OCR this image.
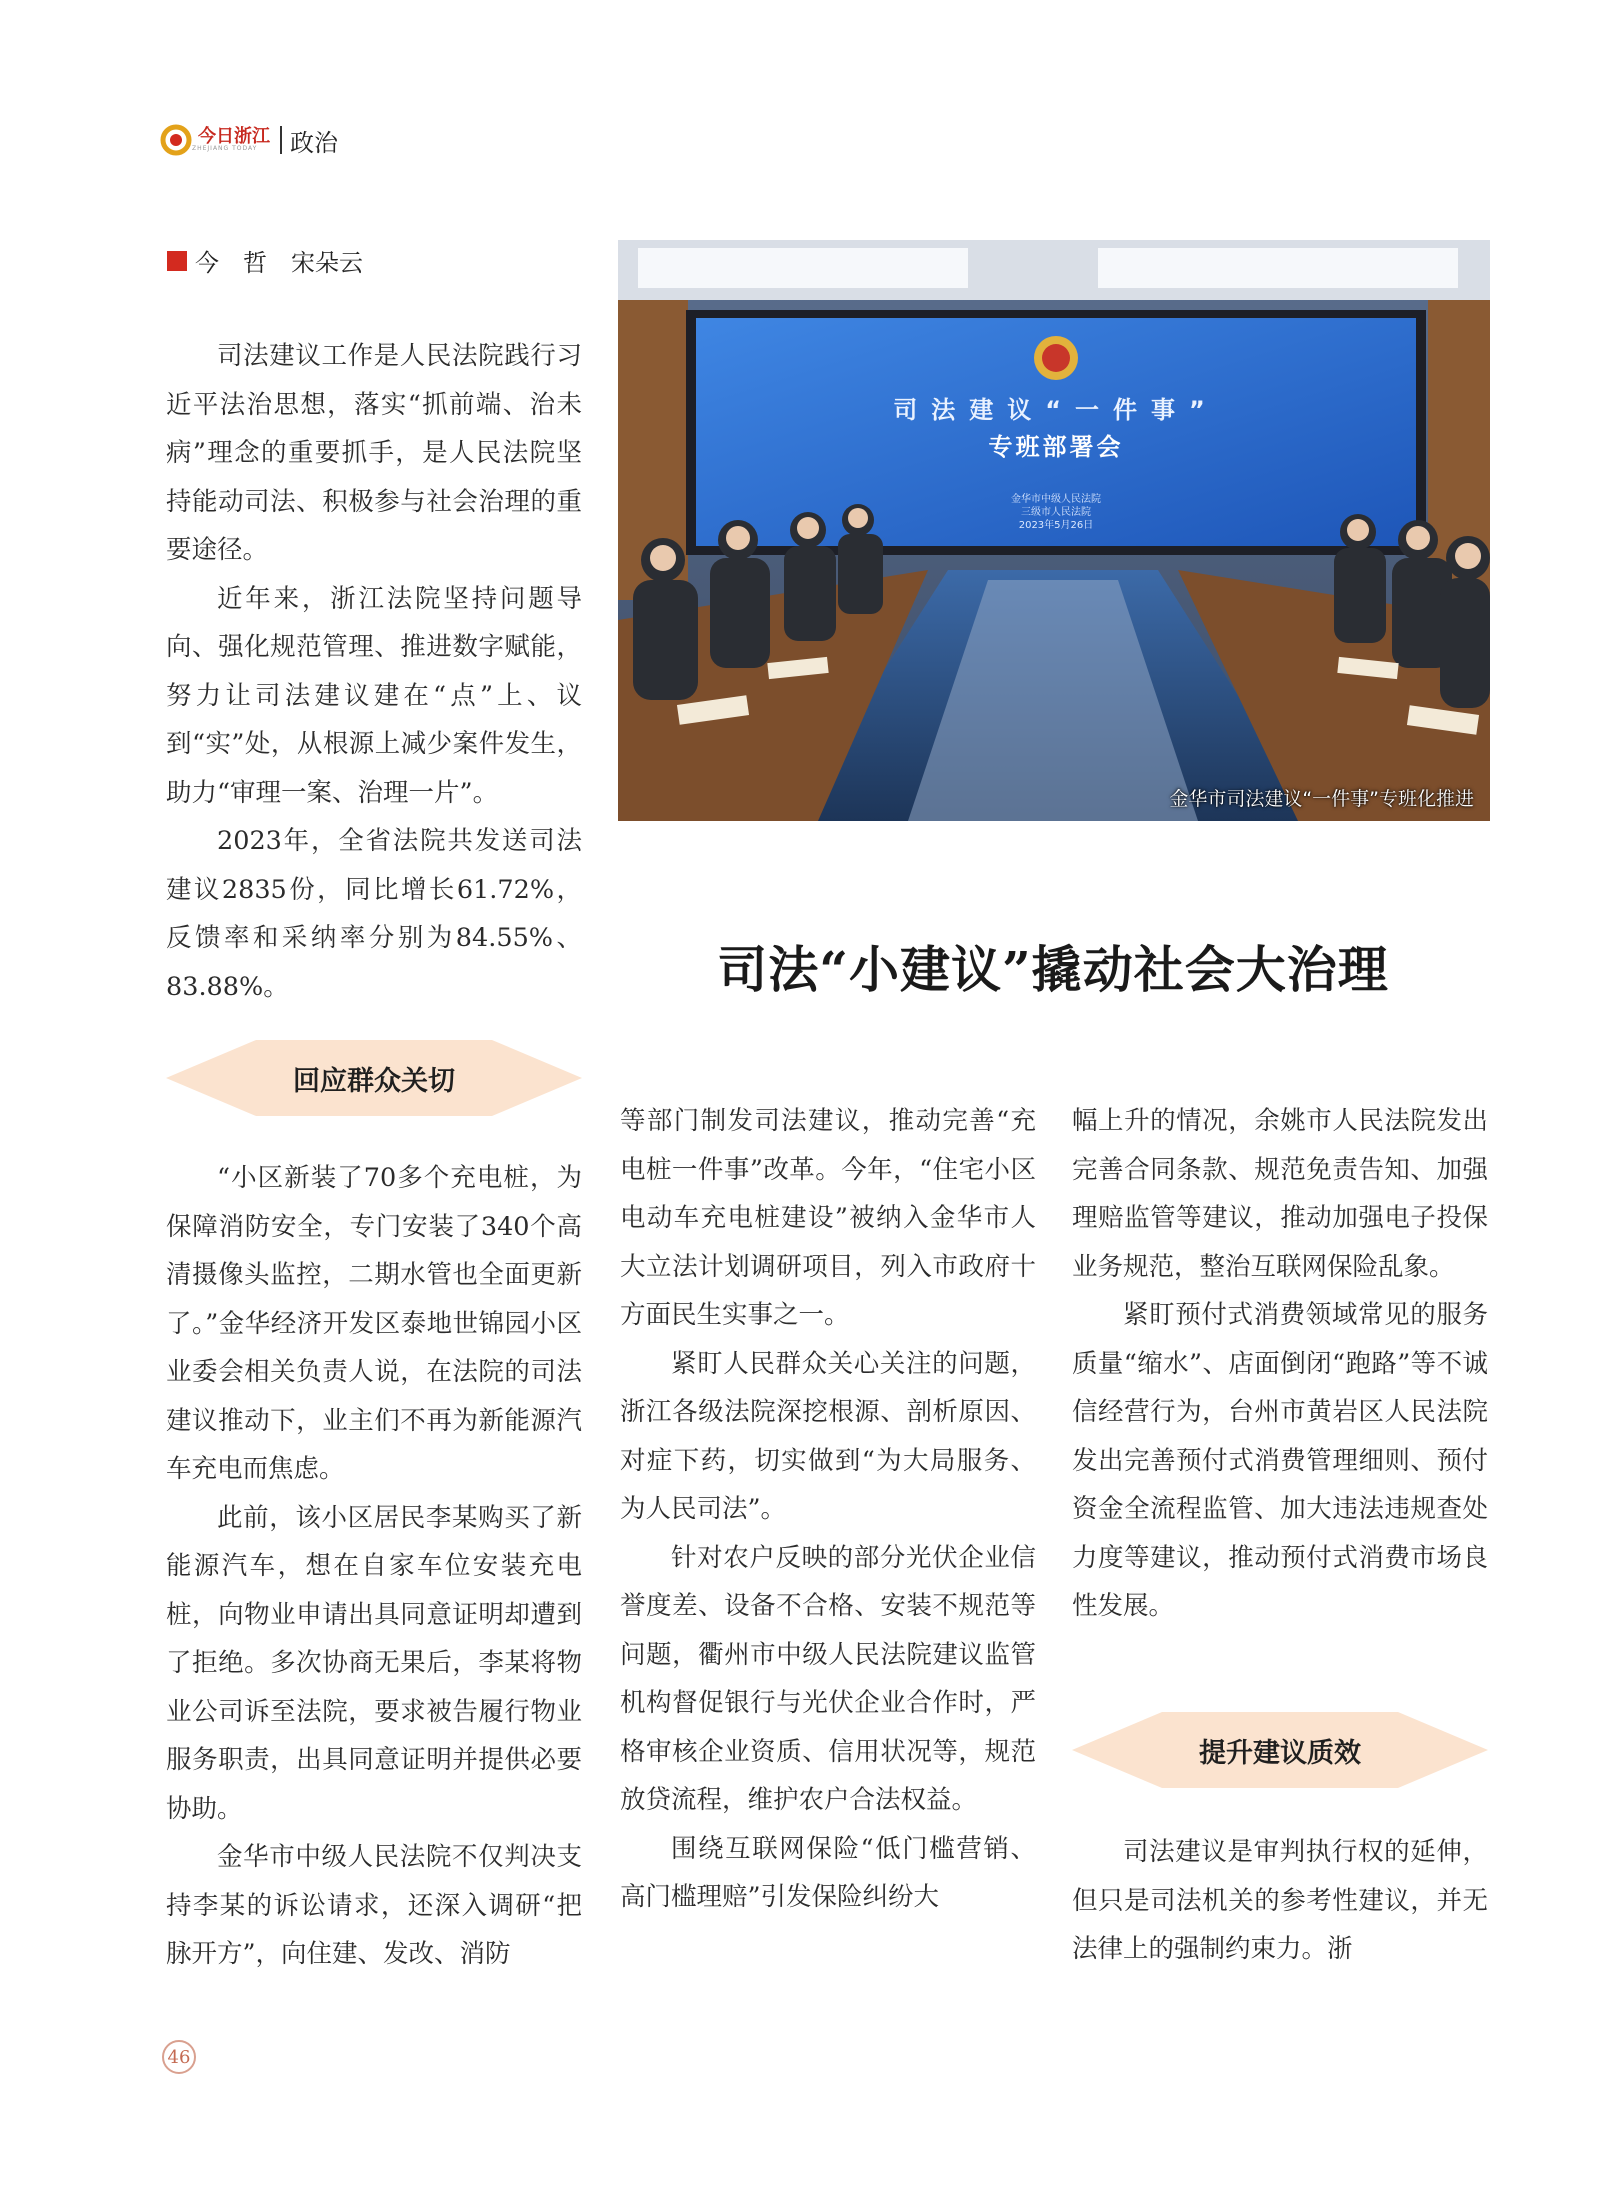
今日浙江
ZHEJIANG TODAY	政治
今　哲　宋朵云
司法建议“一件事”
专班部署会
金华市中级人民法院
三级市人民法院
2023年5月26日
金华市司法建议“一件事”专班化推进
司法“小建议”撬动社会大治理

司法建议工作是人民法院践行习近平法治思想，落实“抓前端、治未病”理念的重要抓手，是人民法院坚持能动司法、积极参与社会治理的重要途径。

近年来，浙江法院坚持问题导向、强化规范管理、推进数字赋能，努力让司法建议建在“点”上、议到“实”处，从根源上减少案件发生，助力“审理一案、治理一片”。

2023年，全省法院共发送司法建议2835份，同比增长61.72%，反馈率和采纳率分别为84.55%、83.88%。

回应群众关切

“小区新装了70多个充电桩，为保障消防安全，专门安装了340个高清摄像头监控，二期水管也全面更新了。”金华经济开发区泰地世锦园小区业委会相关负责人说，在法院的司法建议推动下，业主们不再为新能源汽车充电而焦虑。

此前，该小区居民李某购买了新能源汽车，想在自家车位安装充电桩，向物业申请出具同意证明却遭到了拒绝。多次协商无果后，李某将物业公司诉至法院，要求被告履行物业服务职责，出具同意证明并提供必要协助。

金华市中级人民法院不仅判决支持李某的诉讼请求，还深入调研“把脉开方”，向住建、发改、消防

等部门制发司法建议，推动完善“充电桩一件事”改革。今年，“住宅小区电动车充电桩建设”被纳入金华市人大立法计划调研项目，列入市政府十方面民生实事之一。

紧盯人民群众关心关注的问题，浙江各级法院深挖根源、剖析原因、对症下药，切实做到“为大局服务、为人民司法”。

针对农户反映的部分光伏企业信誉度差、设备不合格、安装不规范等问题，衢州市中级人民法院建议监管机构督促银行与光伏企业合作时，严格审核企业资质、信用状况等，规范放贷流程，维护农户合法权益。

围绕互联网保险“低门槛营销、高门槛理赔”引发保险纠纷大

幅上升的情况，余姚市人民法院发出完善合同条款、规范免责告知、加强理赔监管等建议，推动加强电子投保业务规范，整治互联网保险乱象。

紧盯预付式消费领域常见的服务质量“缩水”、店面倒闭“跑路”等不诚信经营行为，台州市黄岩区人民法院发出完善预付式消费管理细则、预付资金全流程监管、加大违法违规查处力度等建议，推动预付式消费市场良性发展。

提升建议质效

司法建议是审判执行权的延伸，但只是司法机关的参考性建议，并无法律上的强制约束力。浙

46
